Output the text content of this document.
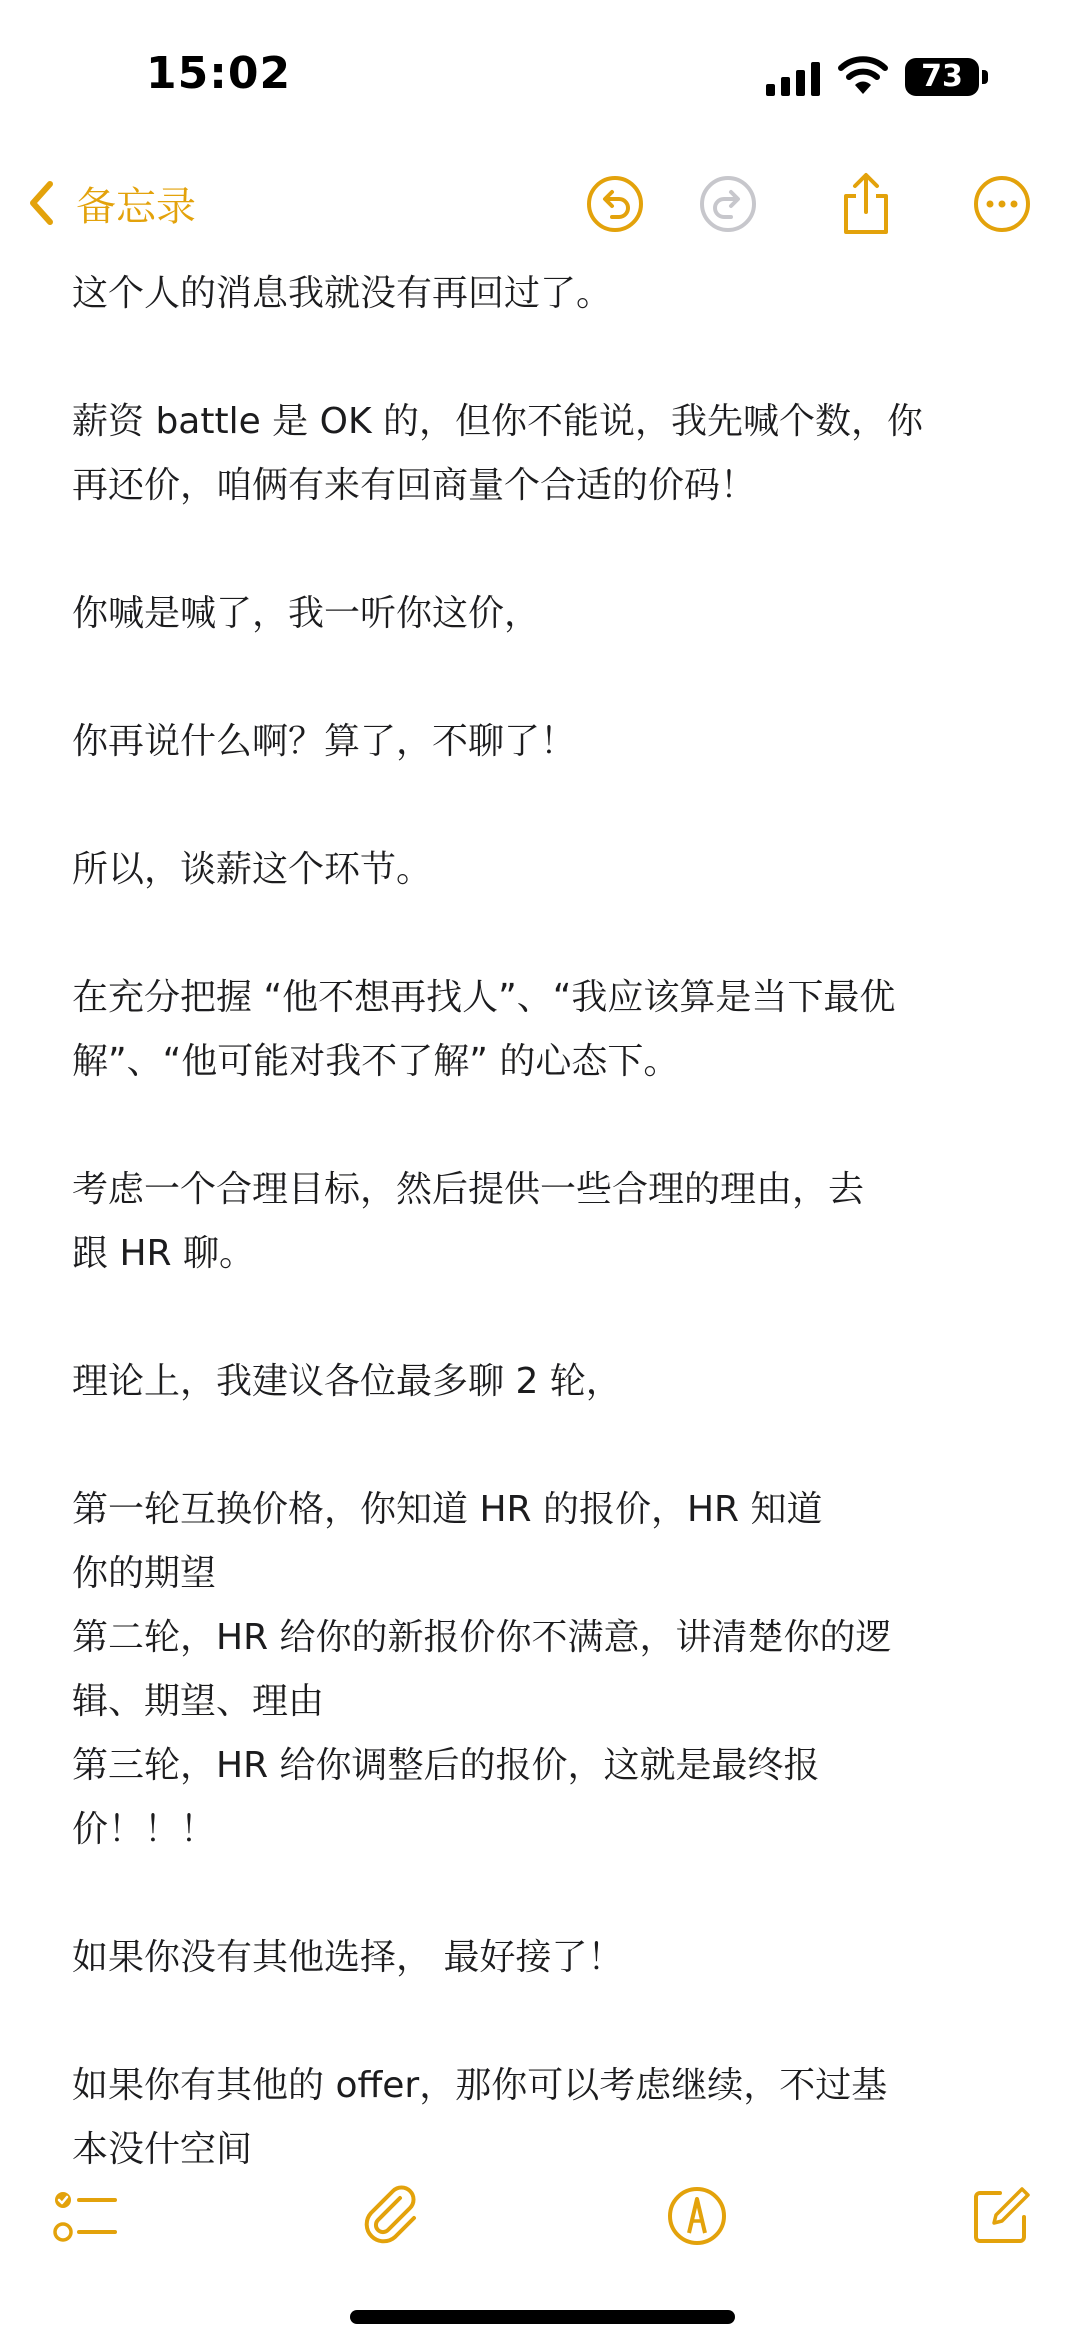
15:02	73
备忘录
这个人的消息我就没有再回过了。
薪资 battle 是 OK 的，但你不能说，我先喊个数，你
再还价，咱俩有来有回商量个合适的价码！
你喊是喊了，我一听你这价，
你再说什么啊？算了，不聊了！
所以，谈薪这个环节。
在充分把握 “他不想再找人”、“我应该算是当下最优
解”、“他可能对我不了解” 的心态下。
考虑一个合理目标，然后提供一些合理的理由，去
跟 HR 聊。
理论上，我建议各位最多聊 2 轮，
第一轮互换价格，你知道 HR 的报价，HR 知道
你的期望
第二轮，HR 给你的新报价你不满意，讲清楚你的逻
辑、期望、理由
第三轮，HR 给你调整后的报价，这就是最终报
价！！！
如果你没有其他选择， 最好接了！
如果你有其他的 offer，那你可以考虑继续，不过基
本没什空间
